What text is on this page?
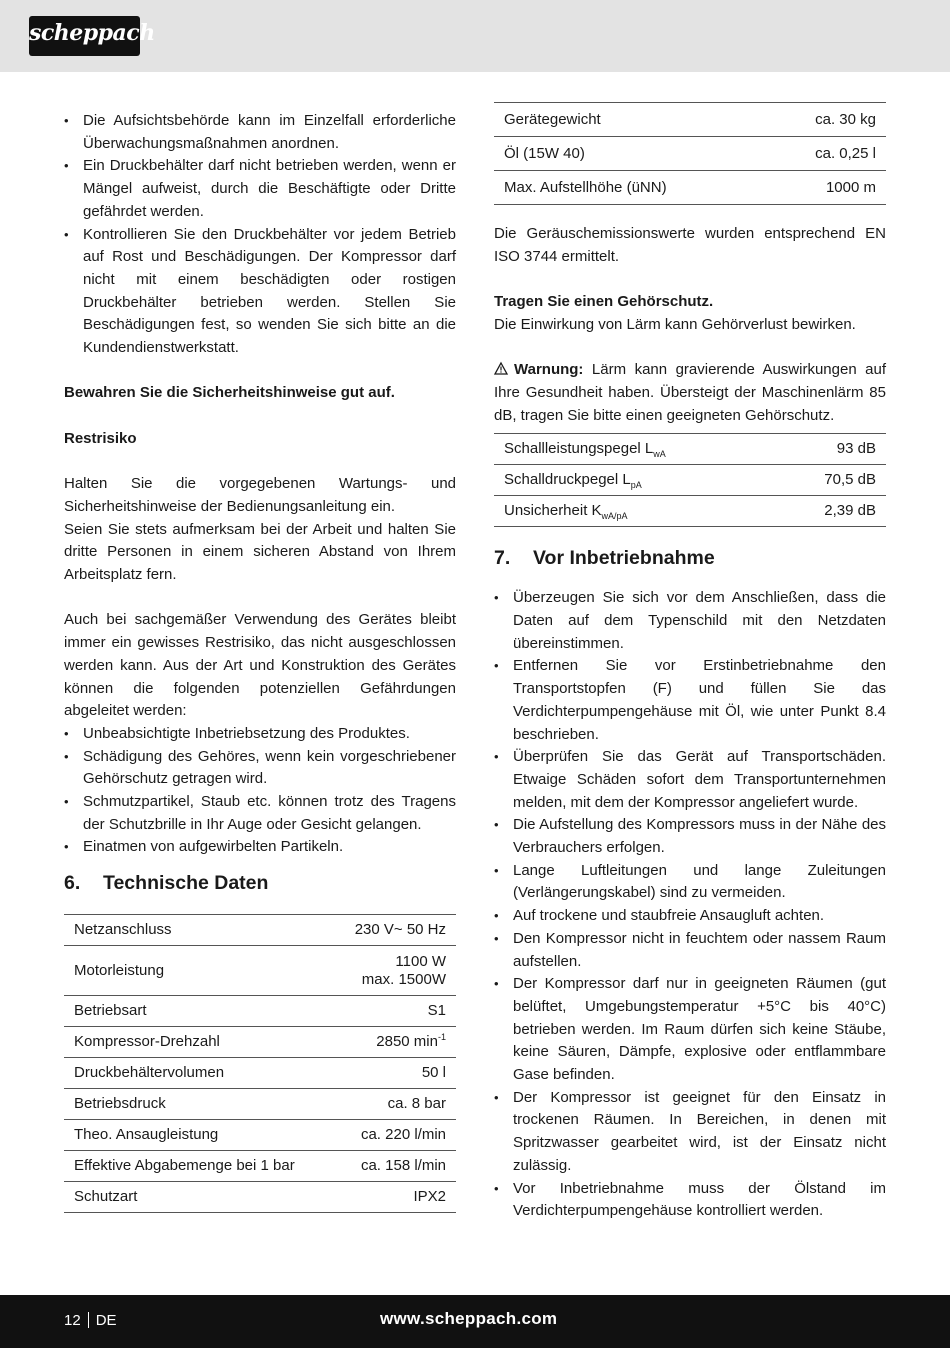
scheppach
• Die Aufsichtsbehörde kann im Einzelfall erforderliche Überwachungsmaßnahmen anordnen.
• Ein Druckbehälter darf nicht betrieben werden, wenn er Mängel aufweist, durch die Beschäftigte oder Dritte gefährdet werden.
• Kontrollieren Sie den Druckbehälter vor jedem Betrieb auf Rost und Beschädigungen. Der Kompressor darf nicht mit einem beschädigten oder rostigen Druckbehälter betrieben werden. Stellen Sie Beschädigungen fest, so wenden Sie sich bitte an die Kundendienstwerkstatt.

Bewahren Sie die Sicherheitshinweise gut auf.

Restrisiko

Halten Sie die vorgegebenen Wartungs- und Sicherheitshinweise der Bedienungsanleitung ein.

Seien Sie stets aufmerksam bei der Arbeit und halten Sie dritte Personen in einem sicheren Abstand von Ihrem Arbeitsplatz fern.

Auch bei sachgemäßer Verwendung des Gerätes bleibt immer ein gewisses Restrisiko, das nicht ausgeschlossen werden kann. Aus der Art und Konstruktion des Gerätes können die folgenden potenziellen Gefährdungen abgeleitet werden:

• Unbeabsichtigte Inbetriebsetzung des Produktes.
• Schädigung des Gehöres, wenn kein vorgeschriebener Gehörschutz getragen wird.
• Schmutzpartikel, Staub etc. können trotz des Tragens der Schutzbrille in Ihr Auge oder Gesicht gelangen.
• Einatmen von aufgewirbelten Partikeln.
6. Technische Daten
Netzanschluss	230 V~ 50 Hz
Motorleistung	1100 W
max. 1500W

Betriebsart	S1
Kompressor-Drehzahl	2850 $\min^{-1}$
Druckbehältervolumen	50 l
Betriebsdruck	ca. 8 bar
Theo. Ansaugleistung	ca. 220 l/min
Effektive Abgabemenge bei 1 bar	ca. 158 l/min
Schutzart	IPX2
Gerätegewicht	ca. 30 kg
Öl (15W 40)	ca. 0,25 l
Max. Aufstellhöhe (üNN)	1000 m

Die Geräuschemissionswerte wurden entsprechend EN ISO 3744 ermittelt.

Tragen Sie einen Gehörschutz.

Die Einwirkung von Lärm kann Gehörverlust bewirken.

Warnung: Lärm kann gravierende Auswirkungen auf Ihre Gesundheit haben. Übersteigt der Maschinenlärm 85 dB, tragen Sie bitte einen geeigneten Gehörschutz.

Schallleistungspegel $L_{wA}$	93 dB
Schalldruckpegel $L_{pA}$	70,5 dB
Unsicherheit $K_{wA/pA}$	2,39 dB
7. Vor Inbetriebnahme
• Überzeugen Sie sich vor dem Anschließen, dass die Daten auf dem Typenschild mit den Netzdaten übereinstimmen.
• Entfernen Sie vor Erstinbetriebnahme den Transportstopfen (F) und füllen Sie das Verdichterpumpengehäuse mit Öl, wie unter Punkt 8.4 beschrieben.
• Überprüfen Sie das Gerät auf Transportschäden. Etwaige Schäden sofort dem Transportunternehmen melden, mit dem der Kompressor angeliefert wurde.
• Die Aufstellung des Kompressors muss in der Nähe des Verbrauchers erfolgen.
• Lange Luftleitungen und lange Zuleitungen (Verlängerungskabel) sind zu vermeiden.
• Auf trockene und staubfreie Ansaugluft achten.
• Den Kompressor nicht in feuchtem oder nassem Raum aufstellen.
• Der Kompressor darf nur in geeigneten Räumen (gut belüftet, Umgebungstemperatur +5°C bis 40°C) betrieben werden. Im Raum dürfen sich keine Stäube, keine Säuren, Dämpfe, explosive oder entflammbare Gase befinden.
• Der Kompressor ist geeignet für den Einsatz in trockenen Räumen. In Bereichen, in denen mit Spritzwasser gearbeitet wird, ist der Einsatz nicht zulässig.
• Vor Inbetriebnahme muss der Ölstand im Verdichterpumpengehäuse kontrolliert werden.
12 DE	www.scheppach.com
